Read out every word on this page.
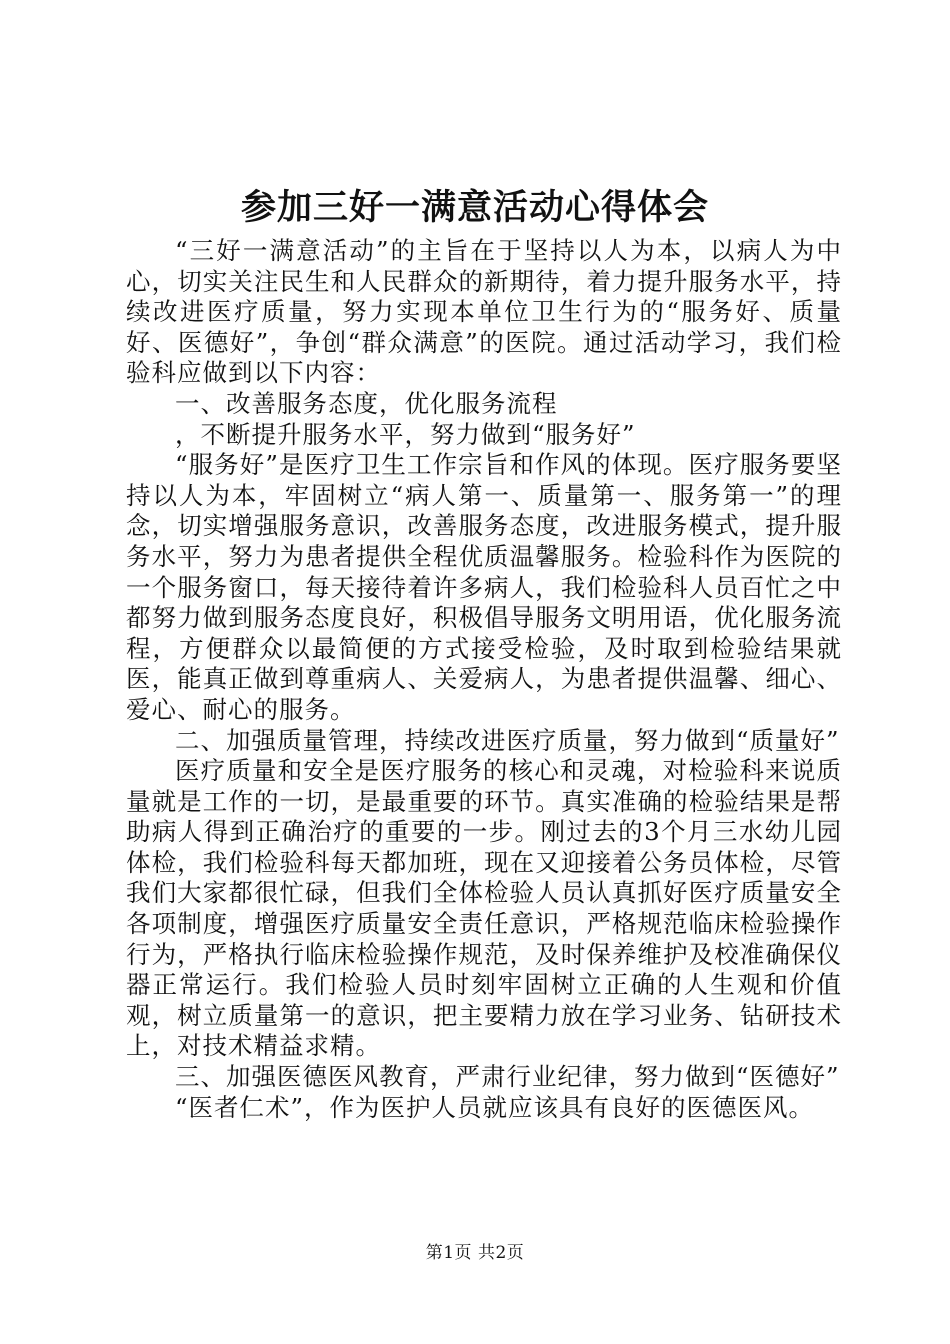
参加三好一满意活动心得体会

“三好一满意活动”的主旨在于坚持以人为本，以病人为中心，切实关注民生和人民群众的新期待，着力提升服务水平，持续改进医疗质量，努力实现本单位卫生行为的“服务好、质量好、医德好”，争创“群众满意”的医院。通过活动学习，我们检验科应做到以下内容：

一、改善服务态度，优化服务流程

，不断提升服务水平，努力做到“服务好”

“服务好”是医疗卫生工作宗旨和作风的体现。医疗服务要坚持以人为本，牢固树立“病人第一、质量第一、服务第一”的理念，切实增强服务意识，改善服务态度，改进服务模式，提升服务水平，努力为患者提供全程优质温馨服务。检验科作为医院的一个服务窗口，每天接待着许多病人，我们检验科人员百忙之中都努力做到服务态度良好，积极倡导服务文明用语，优化服务流程，方便群众以最简便的方式接受检验，及时取到检验结果就医，能真正做到尊重病人、关爱病人，为患者提供温馨、细心、爱心、耐心的服务。

二、加强质量管理，持续改进医疗质量，努力做到“质量好”

医疗质量和安全是医疗服务的核心和灵魂，对检验科来说质量就是工作的一切，是最重要的环节。真实准确的检验结果是帮助病人得到正确治疗的重要的一步。刚过去的3个月三水幼儿园体检，我们检验科每天都加班，现在又迎接着公务员体检，尽管我们大家都很忙碌，但我们全体检验人员认真抓好医疗质量安全各项制度，增强医疗质量安全责任意识，严格规范临床检验操作行为，严格执行临床检验操作规范，及时保养维护及校准确保仪器正常运行。我们检验人员时刻牢固树立正确的人生观和价值观，树立质量第一的意识，把主要精力放在学习业务、钻研技术上，对技术精益求精。

三、加强医德医风教育，严肃行业纪律，努力做到“医德好”

“医者仁术”，作为医护人员就应该具有良好的医德医风。

第1页 共2页
